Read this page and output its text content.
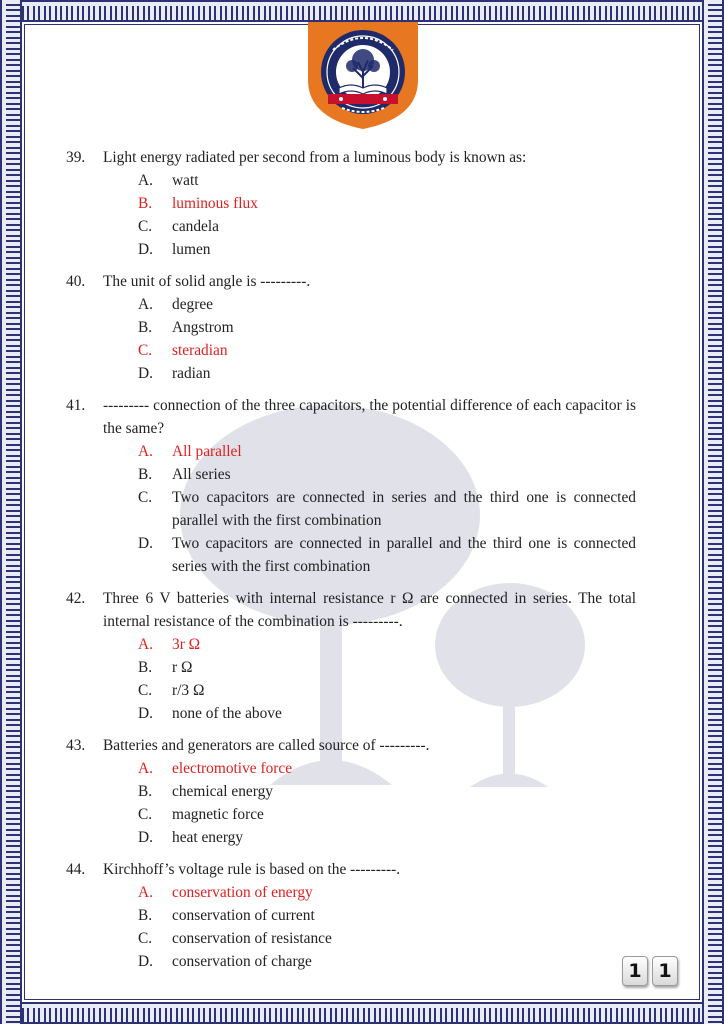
39.	Light energy radiated per second from a luminous body is known as:
A.	watt
B.	luminous flux
C.	candela
D.	lumen
40.	The unit of solid angle is ---------.
A.	degree
B.	Angstrom
C.	steradian
D.	radian
41.	--------- connection of the three capacitors, the potential difference of each capacitor is the same?
A.	All parallel
B.	All series
C.	Two capacitors are connected in series and the third one is connected parallel with the first combination
D.	Two capacitors are connected in parallel and the third one is connected series with the first combination
42.	Three 6 V batteries with internal resistance r Ω are connected in series. The total internal resistance of the combination is ---------.
A.	3r Ω
B.	r Ω
C.	r/3 Ω
D.	none of the above
43.	Batteries and generators are called source of ---------.
A.	electromotive force
B.	chemical energy
C.	magnetic force
D.	heat energy
44.	Kirchhoff’s voltage rule is based on the ---------.
A.	conservation of energy
B.	conservation of current
C.	conservation of resistance
D.	conservation of charge	1 1
